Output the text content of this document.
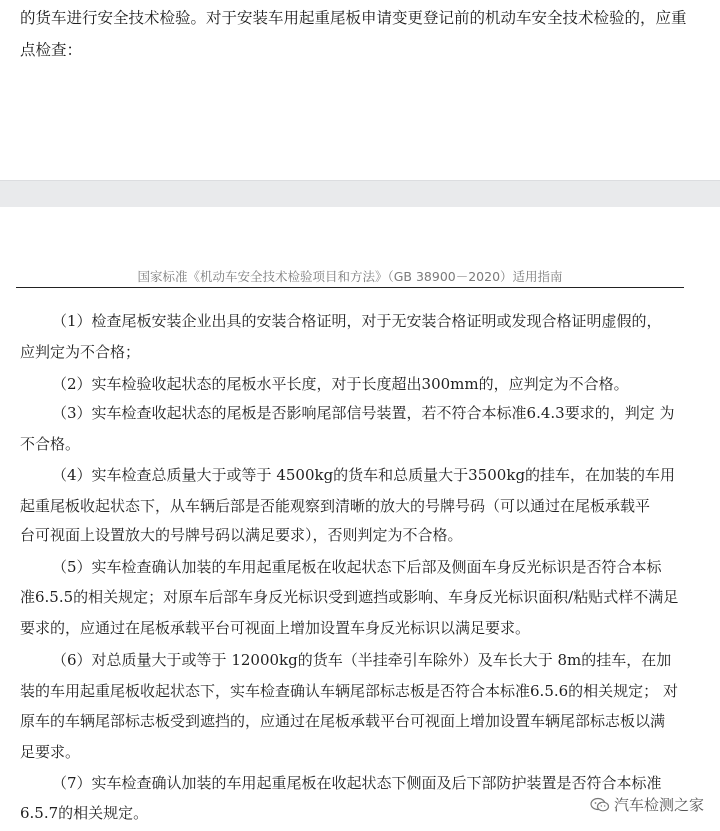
的货车进行安全技术检验。对于安装车用起重尾板申请变更登记前的机动车安全技术检验的，应重
点检查：
国家标准《机动车安全技术检验项目和方法》（GB 38900－2020）适用指南
（1）检查尾板安装企业出具的安装合格证明，对于无安装合格证明或发现合格证明虚假的，
应判定为不合格；
（2）实车检验收起状态的尾板水平长度，对于长度超出300mm的，应判定为不合格。
（3）实车检查收起状态的尾板是否影响尾部信号装置，若不符合本标准6.4.3要求的，判定 为
不合格。
（4）实车检查总质量大于或等于 4500kg的货车和总质量大于3500kg的挂车，在加装的车用
起重尾板收起状态下，从车辆后部是否能观察到清晰的放大的号牌号码（可以通过在尾板承载平
台可视面上设置放大的号牌号码以满足要求），否则判定为不合格。
（5）实车检查确认加装的车用起重尾板在收起状态下后部及侧面车身反光标识是否符合本标
准6.5.5的相关规定；对原车后部车身反光标识受到遮挡或影响、车身反光标识面积/粘贴式样不满足
要求的，应通过在尾板承载平台可视面上增加设置车身反光标识以满足要求。
（6）对总质量大于或等于 12000kg的货车（半挂牵引车除外）及车长大于 8m的挂车，在加
装的车用起重尾板收起状态下，实车检查确认车辆尾部标志板是否符合本标准6.5.6的相关规定； 对
原车的车辆尾部标志板受到遮挡的，应通过在尾板承载平台可视面上增加设置车辆尾部标志板以满
足要求。
（7）实车检查确认加装的车用起重尾板在收起状态下侧面及后下部防护装置是否符合本标准
6.5.7的相关规定。	汽车检测之家
